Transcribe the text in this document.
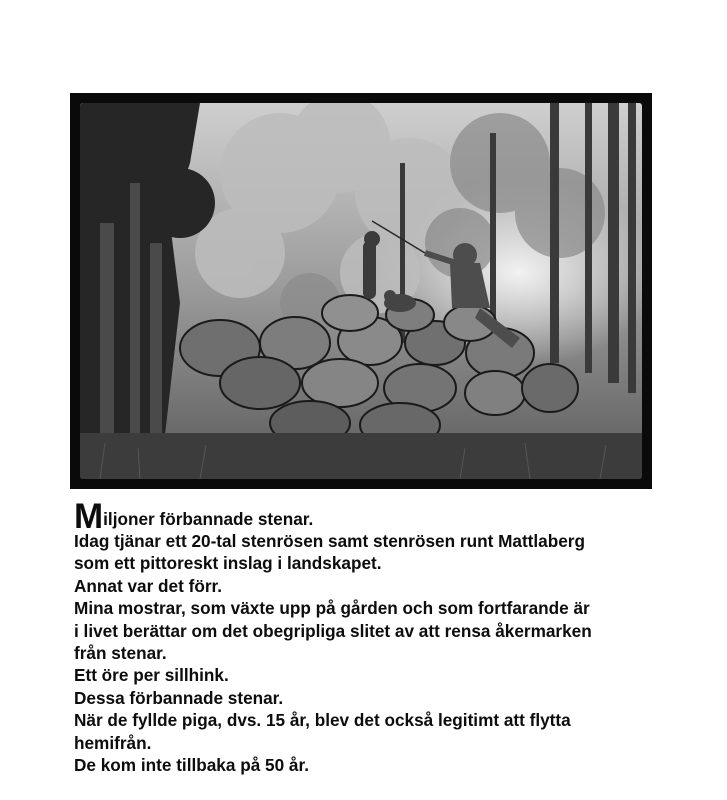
M iljoner förbannade stenar.

Idag tjänar ett 20-tal stenrösen samt stenrösen runt Mattlaberg

som ett pittoreskt inslag i landskapet.

Annat var det förr.

Mina mostrar, som växte upp på gården och som fortfarande är

i livet berättar om det obegripliga slitet av att rensa åkermarken

från stenar.

Ett öre per sillhink.

Dessa förbannade stenar.

När de fyllde piga, dvs. 15 år, blev det också legitimt att flytta

hemifrån.

De kom inte tillbaka på 50 år.
